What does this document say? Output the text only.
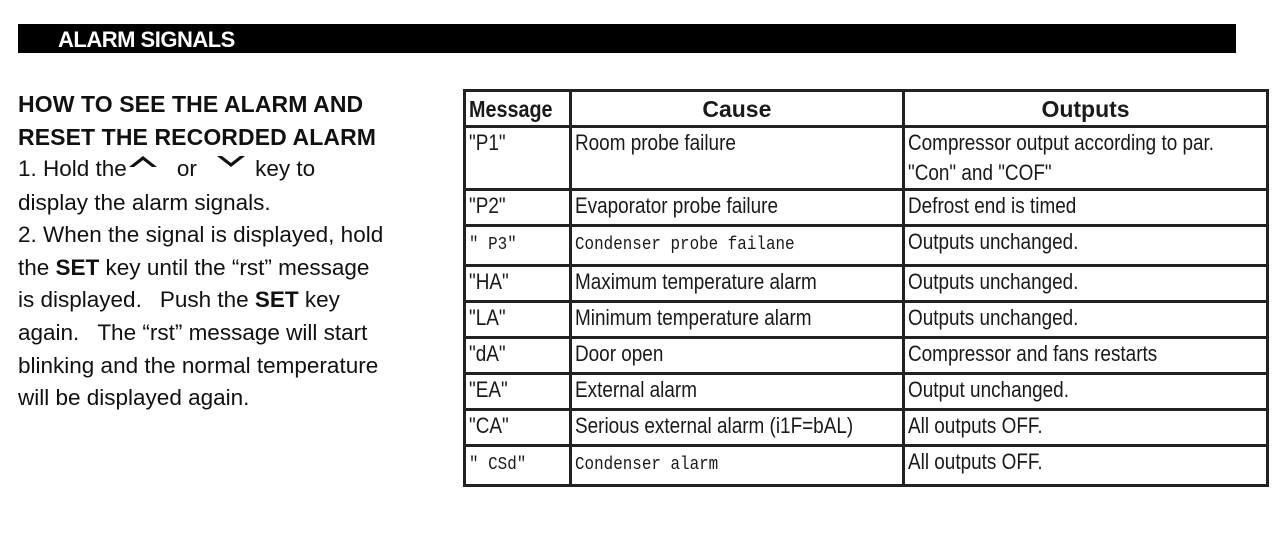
ALARM SIGNALS
HOW TO SEE THE ALARM AND
RESET THE RECORDED ALARM
1. Hold the or	key to
display the alarm signals.
2. When the signal is displayed, hold
the SET key until the “rst” message
is displayed. Push the SET key
again. The “rst” message will start
blinking and the normal temperature
will be displayed again.
Message	Cause	Outputs
"P1"	Room probe failure	Compressor output according to par.
"Con" and "COF"
"P2"	Evaporator probe failure	Defrost end is timed
" P3"	Condenser probe failane	Outputs unchanged.
"HA"	Maximum temperature alarm	Outputs unchanged.
"LA"	Minimum temperature alarm	Outputs unchanged.
"dA"	Door open	Compressor and fans restarts
"EA"	External alarm	Output unchanged.
"CA"	Serious external alarm (i1F=bAL)	All outputs OFF.
" CSd"	Condenser alarm	All outputs OFF.
